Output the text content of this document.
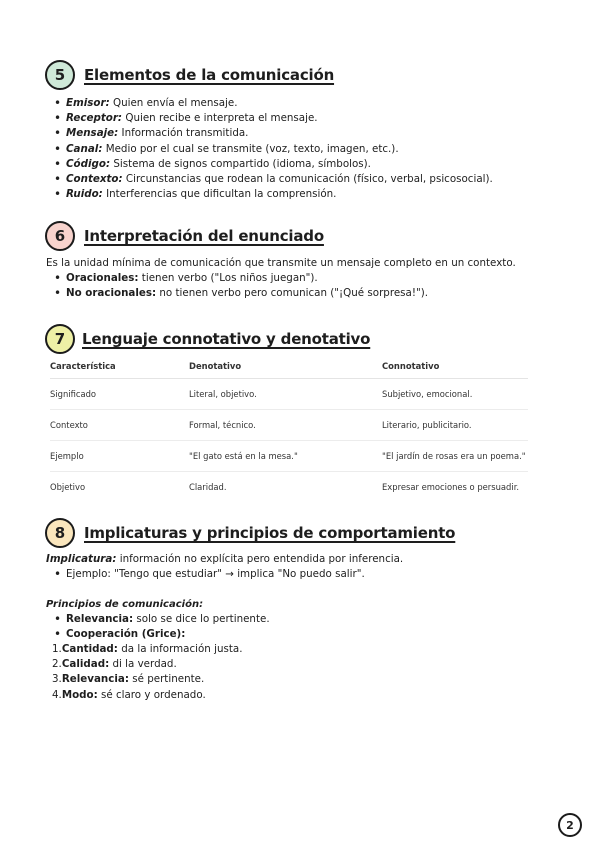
5 Elementos de la comunicación
• Emisor: Quien envía el mensaje.
• Receptor: Quien recibe e interpreta el mensaje.
• Mensaje: Información transmitida.
• Canal: Medio por el cual se transmite (voz, texto, imagen, etc.).
• Código: Sistema de signos compartido (idioma, símbolos).
• Contexto: Circunstancias que rodean la comunicación (físico, verbal, psicosocial).
• Ruido: Interferencias que dificultan la comprensión.
6 Interpretación del enunciado
Es la unidad mínima de comunicación que transmite un mensaje completo en un contexto.
• Oracionales: tienen verbo ("Los niños juegan").
• No oracionales: no tienen verbo pero comunican ("¡Qué sorpresa!").
7 Lenguaje connotativo y denotativo
Característica	Denotativo	Connotativo
Significado	Literal, objetivo.	Subjetivo, emocional.
Contexto	Formal, técnico.	Literario, publicitario.
Ejemplo	"El gato está en la mesa."	"El jardín de rosas era un poema."
Objetivo	Claridad.	Expresar emociones o persuadir.
8 Implicaturas y principios de comportamiento
Implicatura: información no explícita pero entendida por inferencia.
• Ejemplo: "Tengo que estudiar" → implica "No puedo salir".
Principios de comunicación:
• Relevancia: solo se dice lo pertinente.
• Cooperación (Grice):
1.Cantidad: da la información justa.
2.Calidad: di la verdad.
3.Relevancia: sé pertinente.
4.Modo: sé claro y ordenado.
2
